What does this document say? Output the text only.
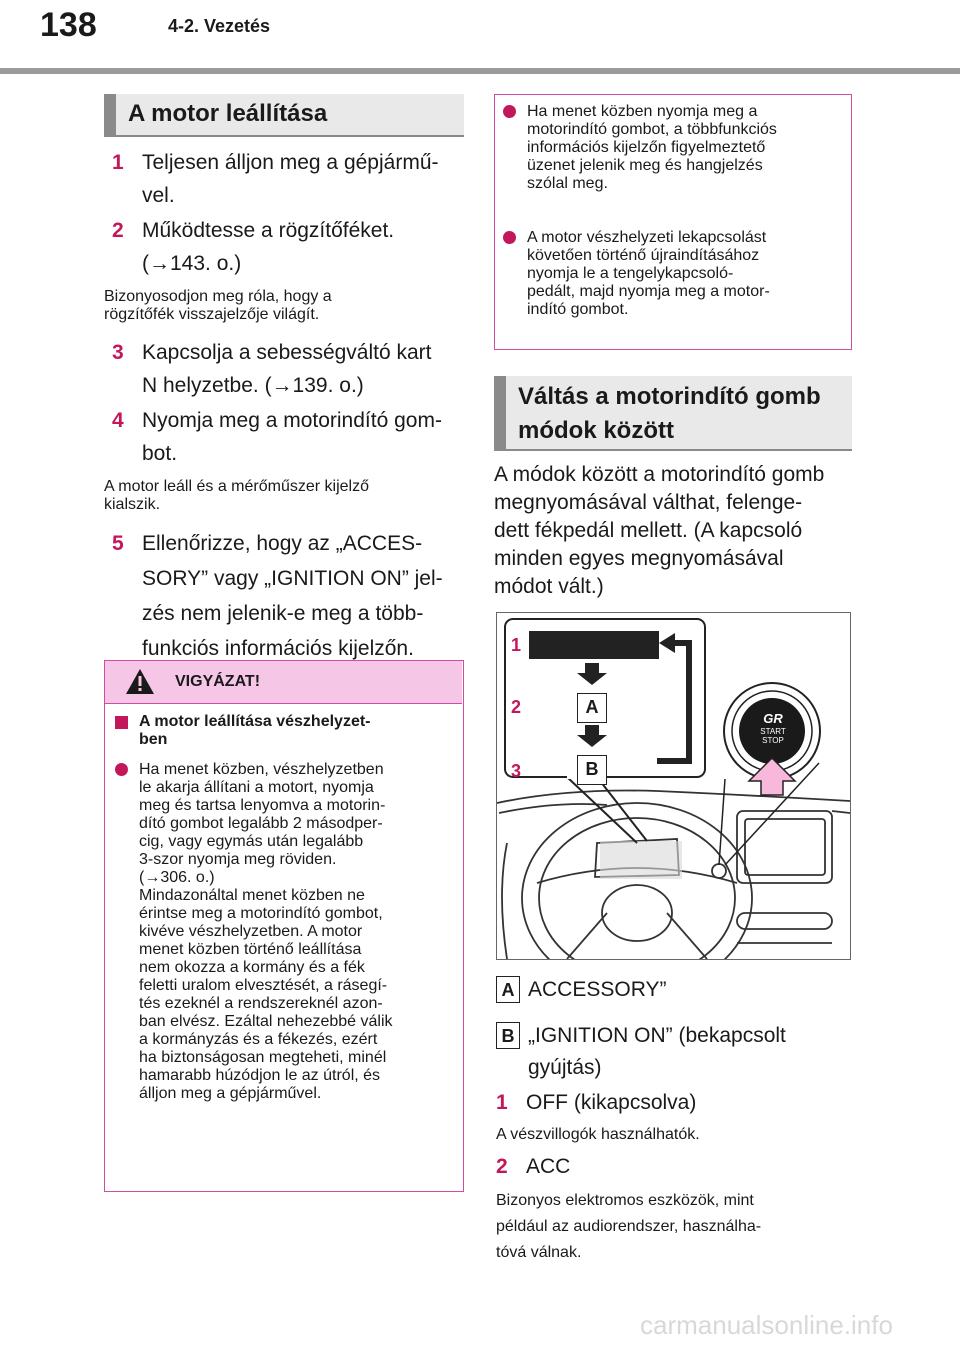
138	4-2. Vezetés
A motor leállítása
1 Teljesen álljon meg a gépjármű-
vel.
2 Működtesse a rögzítőféket.
(→143. o.)
Bizonyosodjon meg róla, hogy a
rögzítőfék visszajelzője világít.
3 Kapcsolja a sebességváltó kart
N helyzetbe. (→139. o.)
4 Nyomja meg a motorindító gom-
bot.
A motor leáll és a mérőműszer kijelző
kialszik.
5 Ellenőrizze, hogy az „ACCES-
SORY” vagy „IGNITION ON” jel-
zés nem jelenik-e meg a több-
funkciós információs kijelzőn.
VIGYÁZAT!
A motor leállítása vészhelyzet-
ben
Ha menet közben, vészhelyzetben
le akarja állítani a motort, nyomja
meg és tartsa lenyomva a motorin-
dító gombot legalább 2 másodper-
cig, vagy egymás után legalább
3-szor nyomja meg röviden.
(→306. o.)
Mindazonáltal menet közben ne
érintse meg a motorindító gombot,
kivéve vészhelyzetben. A motor
menet közben történő leállítása
nem okozza a kormány és a fék
feletti uralom elvesztését, a rásegí-
tés ezeknél a rendszereknél azon-
ban elvész. Ezáltal nehezebbé válik
a kormányzás és a fékezés, ezért
ha biztonságosan megteheti, minél
hamarabb húzódjon le az útról, és
álljon meg a gépjárművel.
Ha menet közben nyomja meg a
motorindító gombot, a többfunkciós
információs kijelzőn figyelmeztető
üzenet jelenik meg és hangjelzés
szólal meg.
A motor vészhelyzeti lekapcsolást
követően történő újraindításához
nyomja le a tengelykapcsoló-
pedált, majd nyomja meg a motor-
indító gombot.
Váltás a motorindító gomb
módok között
A módok között a motorindító gomb
megnyomásával válthat, felenge-
dett fékpedál mellett. (A kapcsoló
minden egyes megnyomásával
módot vált.)
1
2
3
A
B
GR
START
STOP
A ACCESSORY”
B „IGNITION ON” (bekapcsolt
gyújtás)
1 OFF (kikapcsolva)
A vészvillogók használhatók.
2 ACC
Bizonyos elektromos eszközök, mint
például az audiorendszer, használha-
tóvá válnak.
carmanualsonline.info
